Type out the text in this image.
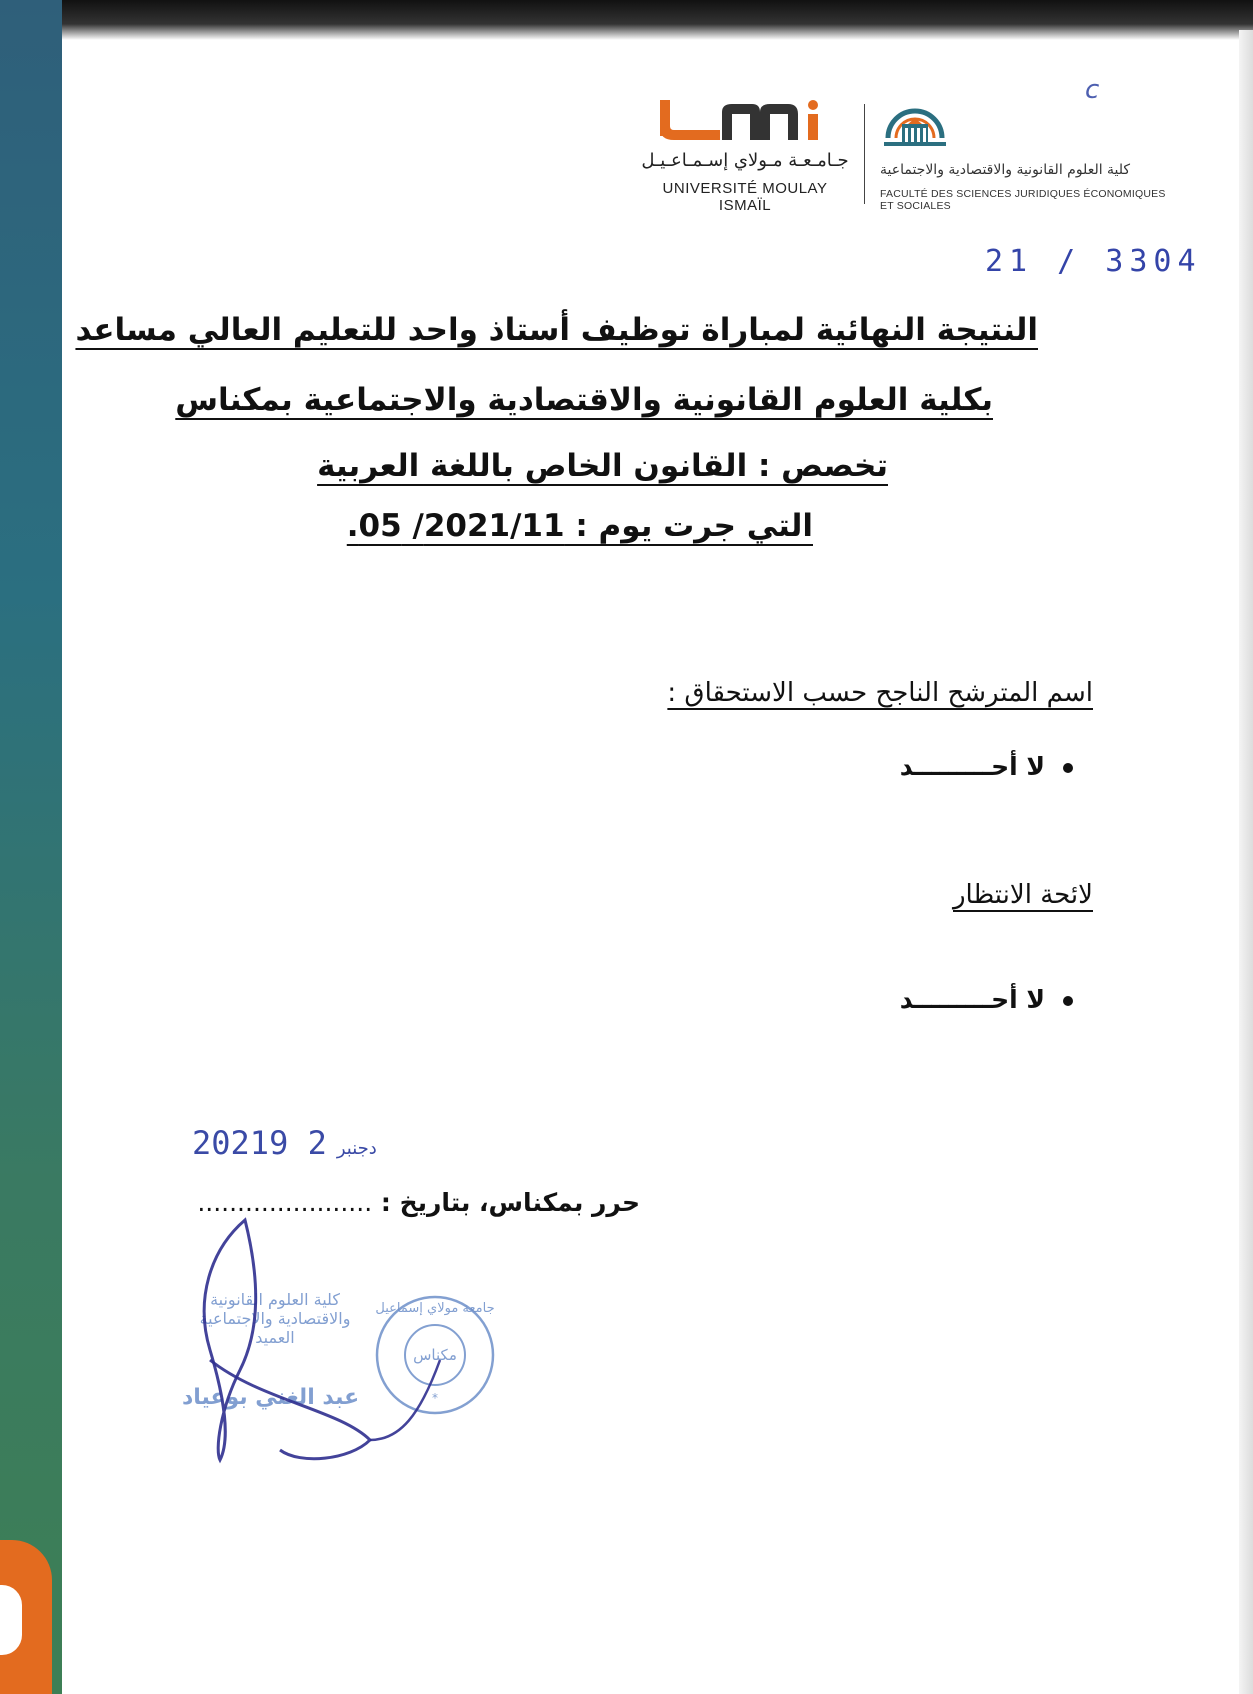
جـامـعـة مـولاي إسـمـاعـيـل
UNIVERSITÉ MOULAY ISMAÏL
كلية العلوم القانونية والاقتصادية والاجتماعية
FACULTÉ DES SCIENCES JURIDIQUES ÉCONOMIQUES ET SOCIALES
c
21 / 3304
النتيجة النهائية لمباراة توظيف أستاذ واحد للتعليم العالي مساعد
بكلية العلوم القانونية والاقتصادية والاجتماعية بمكناس
تخصص : القانون الخاص باللغة العربية
التي جرت يوم : 2021/11/ 05.
اسم المترشح الناجح حسب الاستحقاق :
لا أحـــــــــد
لائحة الانتظار
لا أحـــــــــد
2021	دجنبر2 9
حرر بمكناس، بتاريخ : ......................
كلية العلوم القانونية
والاقتصادية والاجتماعية
العميد
عبد الغني بوعياد
جامعة مولاي إسماعيل
مكناس
*
